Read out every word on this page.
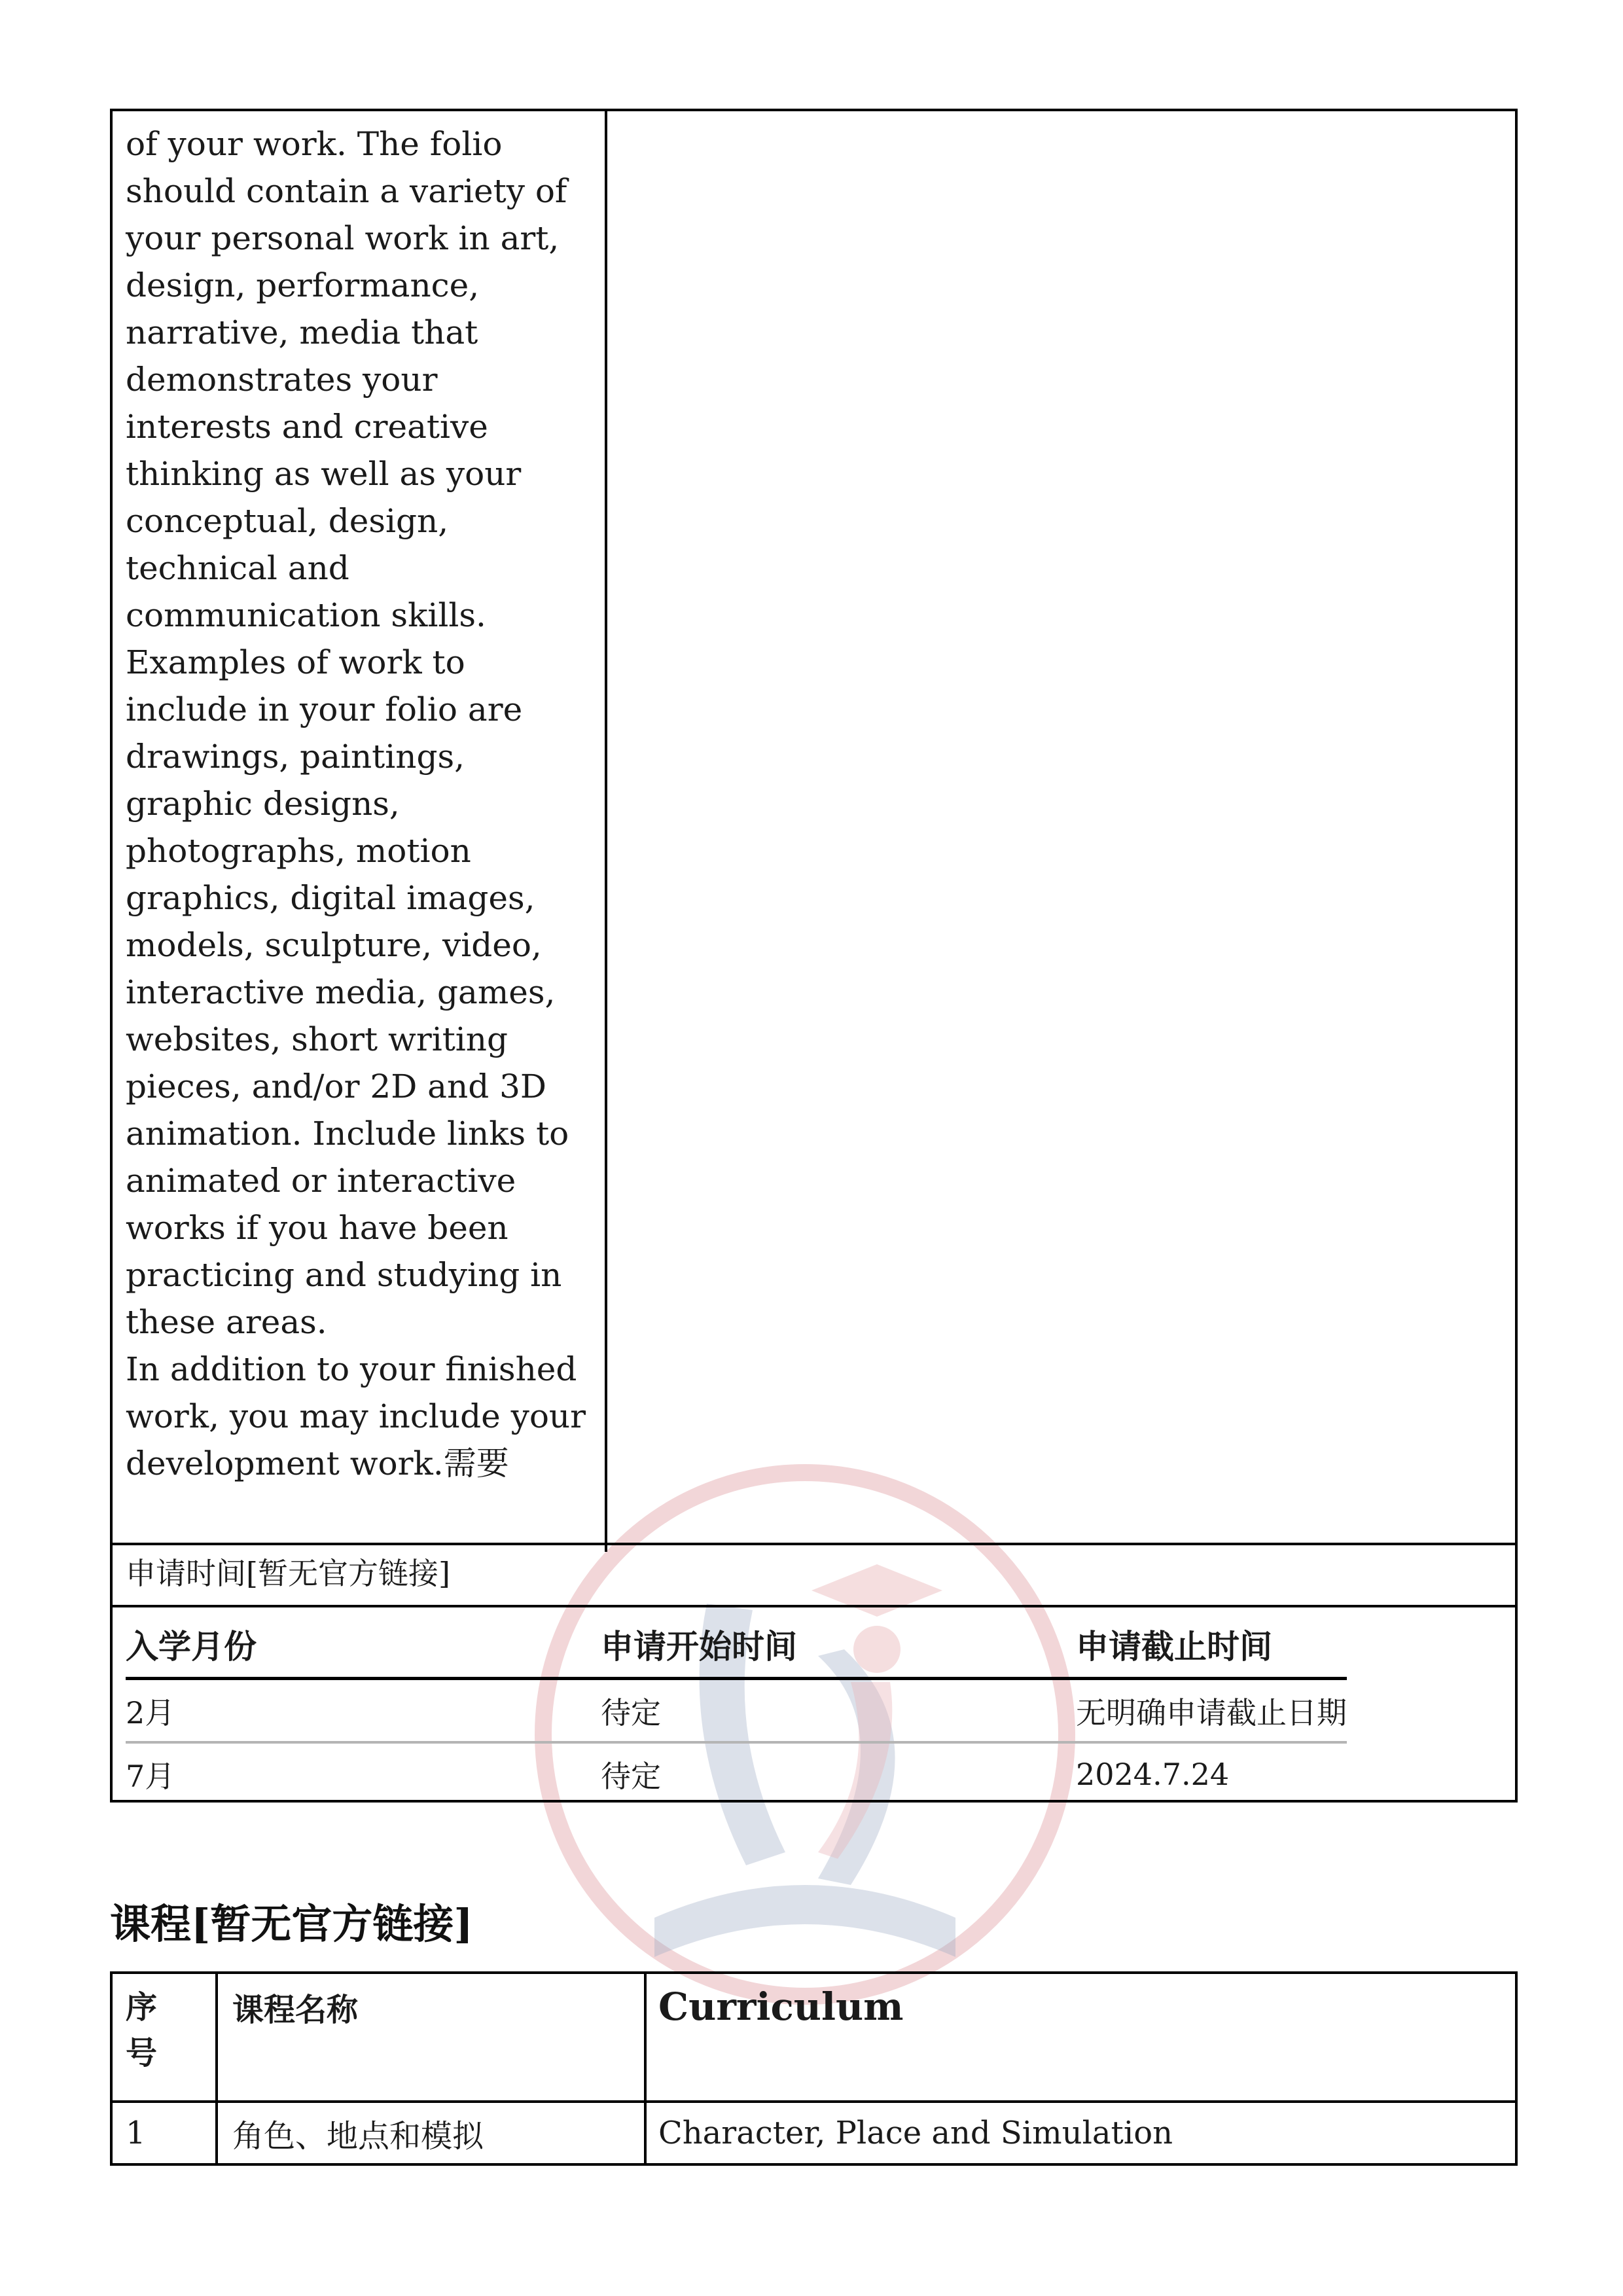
of your work. The folio should contain a variety of your personal work in art, design, performance, narrative, media that demonstrates your interests and creative thinking as well as your conceptual, design, technical and communication skills. Examples of work to include in your folio are drawings, paintings, graphic designs, photographs, motion graphics, digital images, models, sculpture, video, interactive media, games, websites, short writing pieces, and/or 2D and 3D animation. Include links to animated or interactive works if you have been practicing and studying in these areas.

In addition to your finished work, you may include your development work.需要

申请时间[暂无官方链接]
入学月份	申请开始时间	申请截止时间
2月	待定	无明确申请截止日期
7月	待定	2024.7.24
课程[暂无官方链接]
序号	课程名称	Curriculum
1	角色、地点和模拟	Character, Place and Simulation
